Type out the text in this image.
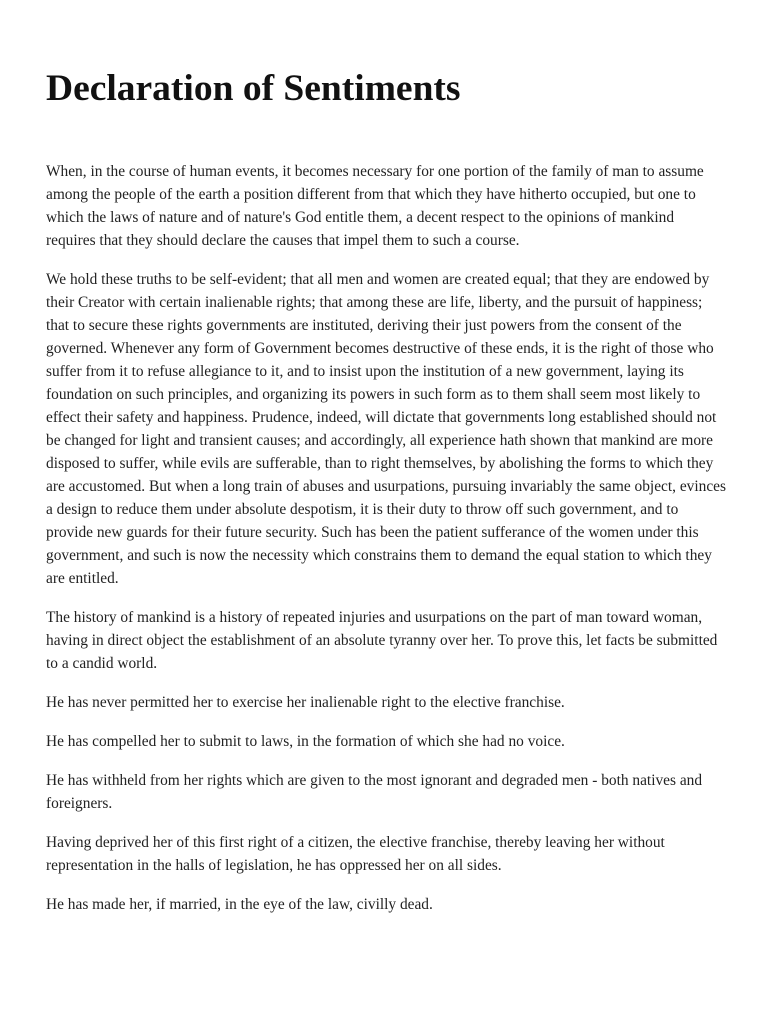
Declaration of Sentiments

When, in the course of human events, it becomes necessary for one portion of the family of man to assume among the people of the earth a position different from that which they have hitherto occupied, but one to which the laws of nature and of nature's God entitle them, a decent respect to the opinions of mankind requires that they should declare the causes that impel them to such a course.

We hold these truths to be self-evident; that all men and women are created equal; that they are endowed by their Creator with certain inalienable rights; that among these are life, liberty, and the pursuit of happiness; that to secure these rights governments are instituted, deriving their just powers from the consent of the governed. Whenever any form of Government becomes destructive of these ends, it is the right of those who suffer from it to refuse allegiance to it, and to insist upon the institution of a new government, laying its foundation on such principles, and organizing its powers in such form as to them shall seem most likely to effect their safety and happiness. Prudence, indeed, will dictate that governments long established should not be changed for light and transient causes; and accordingly, all experience hath shown that mankind are more disposed to suffer, while evils are sufferable, than to right themselves, by abolishing the forms to which they are accustomed. But when a long train of abuses and usurpations, pursuing invariably the same object, evinces a design to reduce them under absolute despotism, it is their duty to throw off such government, and to provide new guards for their future security. Such has been the patient sufferance of the women under this government, and such is now the necessity which constrains them to demand the equal station to which they are entitled.

The history of mankind is a history of repeated injuries and usurpations on the part of man toward woman, having in direct object the establishment of an absolute tyranny over her. To prove this, let facts be submitted to a candid world.

He has never permitted her to exercise her inalienable right to the elective franchise.

He has compelled her to submit to laws, in the formation of which she had no voice.

He has withheld from her rights which are given to the most ignorant and degraded men - both natives and foreigners.

Having deprived her of this first right of a citizen, the elective franchise, thereby leaving her without representation in the halls of legislation, he has oppressed her on all sides.

He has made her, if married, in the eye of the law, civilly dead.
